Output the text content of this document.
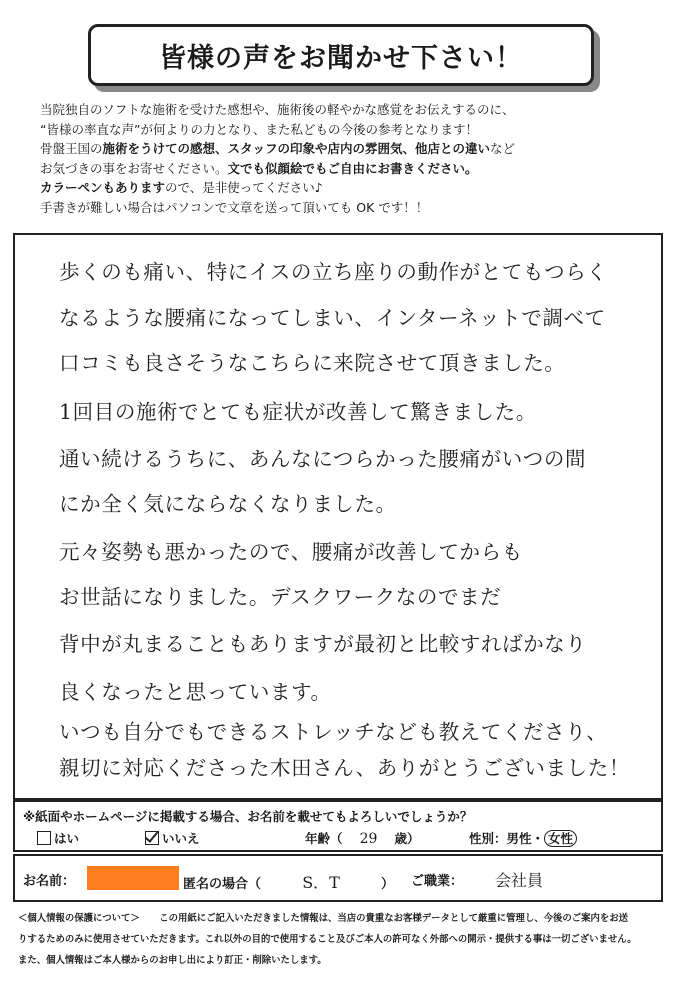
皆様の声をお聞かせ下さい！
当院独自のソフトな施術を受けた感想や、施術後の軽やかな感覚をお伝えするのに、
“皆様の率直な声”が何よりの力となり、また私どもの今後の参考となります！
骨盤王国の施術をうけての感想、スタッフの印象や店内の雰囲気、他店との違いなど
お気づきの事をお寄せください。文でも似顔絵でもご自由にお書きください。
カラーペンもありますので、是非使ってください♪
手書きが難しい場合はパソコンで文章を送って頂いても OK です！！
歩くのも痛い、特にイスの立ち座りの動作がとてもつらく
なるような腰痛になってしまい、インターネットで調べて
口コミも良さそうなこちらに来院させて頂きました。
1回目の施術でとても症状が改善して驚きました。
通い続けるうちに、あんなにつらかった腰痛がいつの間
にか全く気にならなくなりました。
元々姿勢も悪かったので、腰痛が改善してからも
お世話になりました。デスクワークなのでまだ
背中が丸まることもありますが最初と比較すればかなり
良くなったと思っています。
いつも自分でもできるストレッチなども教えてくださり、
親切に対応くださった木田さん、ありがとうございました！
※紙面やホームページに掲載する場合、お名前を載せてもよろしいでしょうか？
はい	いいえ	年齢（ 29 歳）	性別：男性・ 女性
お名前：	匿名の場合（	S．T	） ご職業： 会社員
＜個人情報の保護について＞ この用紙にご記入いただきました情報は、当店の貴重なお客様データとして厳重に管理し、今後のご案内をお送
りするためのみに使用させていただきます。これ以外の目的で使用すること及びご本人の許可なく外部への開示・提供する事は一切ございません。
また、個人情報はご本人様からのお申し出により訂正・削除いたします。
